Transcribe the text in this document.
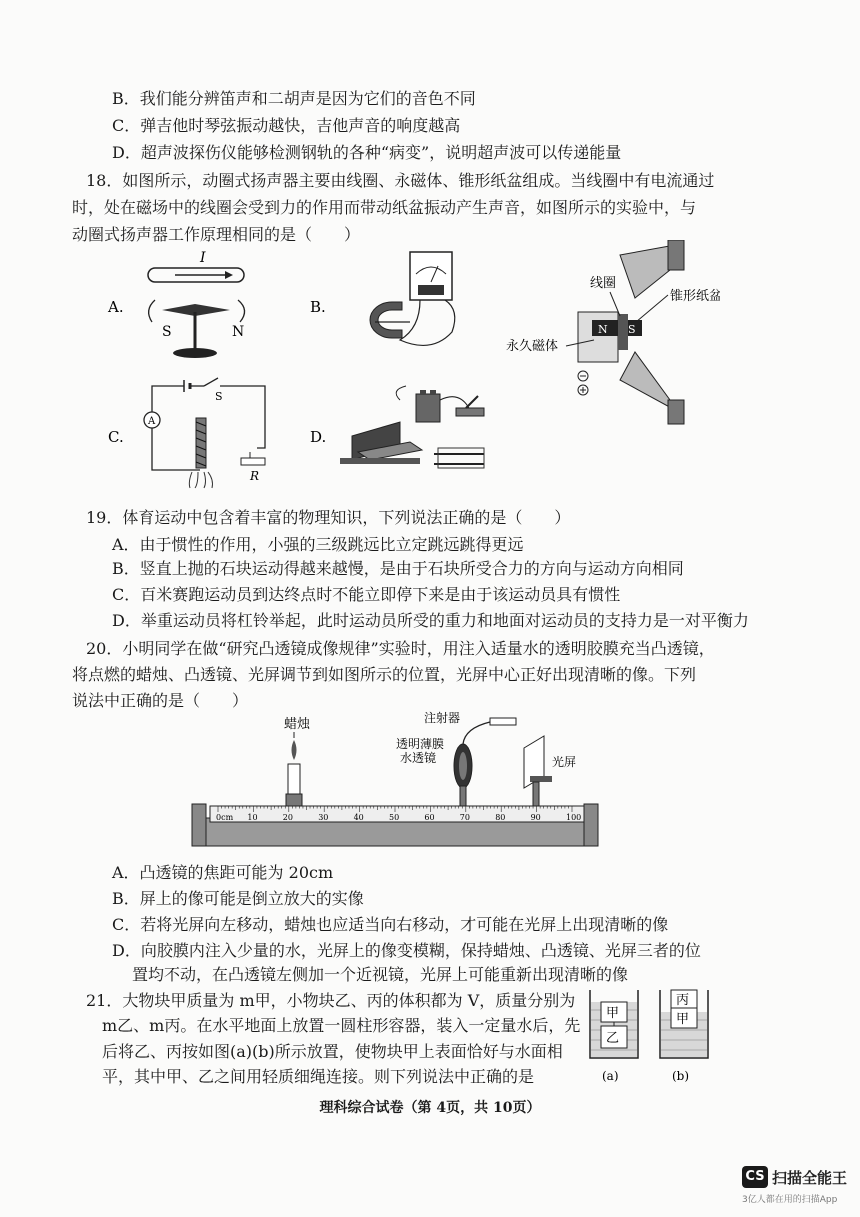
B．我们能分辨笛声和二胡声是因为它们的音色不同
C．弹吉他时琴弦振动越快，吉他声音的响度越高
D．超声波探伤仪能够检测钢轨的各种“病变”，说明超声波可以传递能量
18．如图所示，动圈式扬声器主要由线圈、永磁体、锥形纸盆组成。当线圈中有电流通过
时，处在磁场中的线圈会受到力的作用而带动纸盆振动产生声音，如图所示的实验中，与
动圈式扬声器工作原理相同的是（　　）
A.
I
S	N
B.
N S
线圈
锥形纸盆
永久磁体
C.
S
A
R
D.
19．体育运动中包含着丰富的物理知识，下列说法正确的是（　　）
A．由于惯性的作用，小强的三级跳远比立定跳远跳得更远
B．竖直上抛的石块运动得越来越慢，是由于石块所受合力的方向与运动方向相同
C．百米赛跑运动员到达终点时不能立即停下来是由于该运动员具有惯性
D．举重运动员将杠铃举起，此时运动员所受的重力和地面对运动员的支持力是一对平衡力
20．小明同学在做“研究凸透镜成像规律”实验时，用注入适量水的透明胶膜充当凸透镜，
将点燃的蜡烛、凸透镜、光屏调节到如图所示的位置，光屏中心正好出现清晰的像。下列
说法中正确的是（　　）
0cm 10	20	30	40	50	60	70	80	90	100
蜡烛	注射器
透明薄膜
水透镜	光屏
A．凸透镜的焦距可能为 20cm
B．屏上的像可能是倒立放大的实像
C．若将光屏向左移动，蜡烛也应适当向右移动，才可能在光屏上出现清晰的像
D．向胶膜内注入少量的水，光屏上的像变模糊，保持蜡烛、凸透镜、光屏三者的位
置均不动，在凸透镜左侧加一个近视镜，光屏上可能重新出现清晰的像
21．大物块甲质量为 m甲，小物块乙、丙的体积都为 V，质量分别为
m乙、m丙。在水平地面上放置一圆柱形容器，装入一定量水后，先
后将乙、丙按如图(a)(b)所示放置，使物块甲上表面恰好与水面相
平，其中甲、乙之间用轻质细绳连接。则下列说法中正确的是
甲
乙
(a)
丙
甲
(b)
理科综合试卷（第 4页，共 10页）
CS 扫描全能王
3亿人都在用的扫描App
